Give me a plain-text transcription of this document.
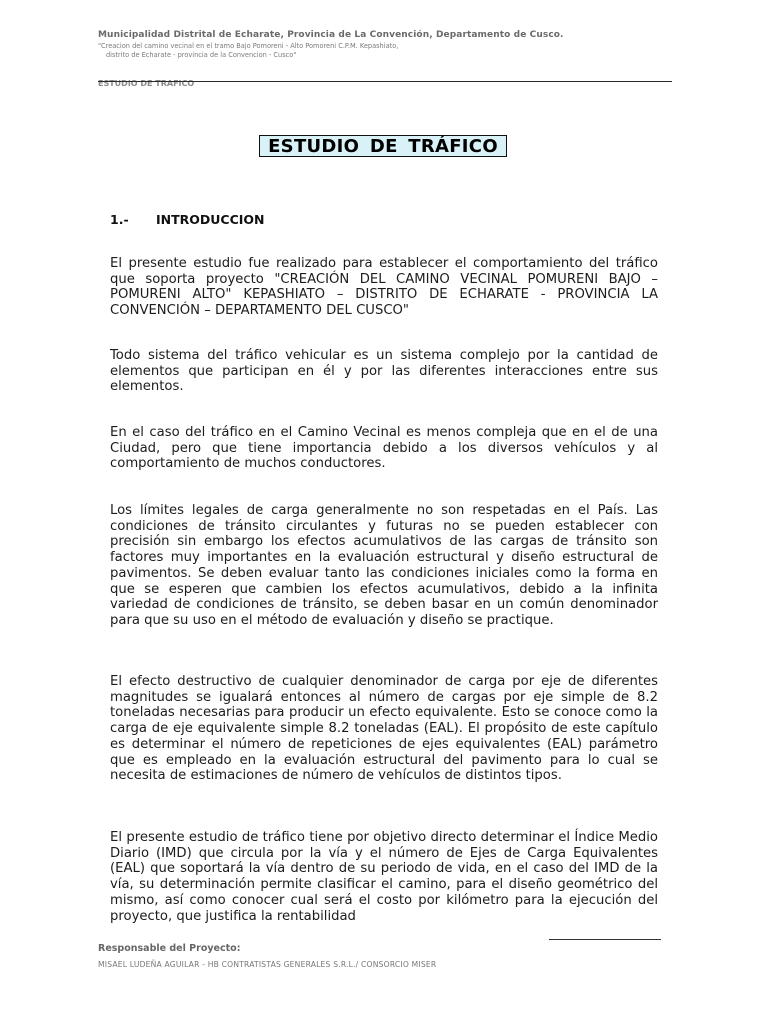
Municipalidad Distrital de Echarate, Provincia de La Convención, Departamento de Cusco.
"Creacion del camino vecinal en el tramo Bajo Pomoreni - Alto Pomoreni C.P.M. Kepashiato,
distrito de Echarate - provincia de la Convencion - Cusco"
ESTUDIO DE TRAFICO
ESTUDIO DE TRÁFICO
1.- INTRODUCCION

El presente estudio fue realizado para establecer el comportamiento del tráfico que soporta proyecto "CREACIÓN DEL CAMINO VECINAL POMURENI BAJO – POMURENI ALTO" KEPASHIATO – DISTRITO DE ECHARATE - PROVINCIA LA CONVENCIÓN – DEPARTAMENTO DEL CUSCO"

Todo sistema del tráfico vehicular es un sistema complejo por la cantidad de elementos que participan en él y por las diferentes interacciones entre sus elementos.

En el caso del tráfico en el Camino Vecinal es menos compleja que en el de una Ciudad, pero que tiene importancia debido a los diversos vehículos y al comportamiento de muchos conductores.

Los límites legales de carga generalmente no son respetadas en el País. Las condiciones de tránsito circulantes y futuras no se pueden establecer con precisión sin embargo los efectos acumulativos de las cargas de tránsito son factores muy importantes en la evaluación estructural y diseño estructural de pavimentos. Se deben evaluar tanto las condiciones iniciales como la forma en que se esperen que cambien los efectos acumulativos, debido a la infinita variedad de condiciones de tránsito, se deben basar en un común denominador para que su uso en el método de evaluación y diseño se practique.

El efecto destructivo de cualquier denominador de carga por eje de diferentes magnitudes se igualará entonces al número de cargas por eje simple de 8.2 toneladas necesarias para producir un efecto equivalente. Esto se conoce como la carga de eje equivalente simple 8.2 toneladas (EAL). El propósito de este capítulo es determinar el número de repeticiones de ejes equivalentes (EAL) parámetro que es empleado en la evaluación estructural del pavimento para lo cual se necesita de estimaciones de número de vehículos de distintos tipos.

El presente estudio de tráfico tiene por objetivo directo determinar el Índice Medio Diario (IMD) que circula por la vía y el número de Ejes de Carga Equivalentes (EAL) que soportará la vía dentro de su periodo de vida, en el caso del IMD de la vía, su determinación permite clasificar el camino, para el diseño geométrico del mismo, así como conocer cual será el costo por kilómetro para la ejecución del proyecto, que justifica la rentabilidad

Responsable del Proyecto:
MISAEL LUDEÑA AGUILAR - HB CONTRATISTAS GENERALES S.R.L./ CONSORCIO MISER
